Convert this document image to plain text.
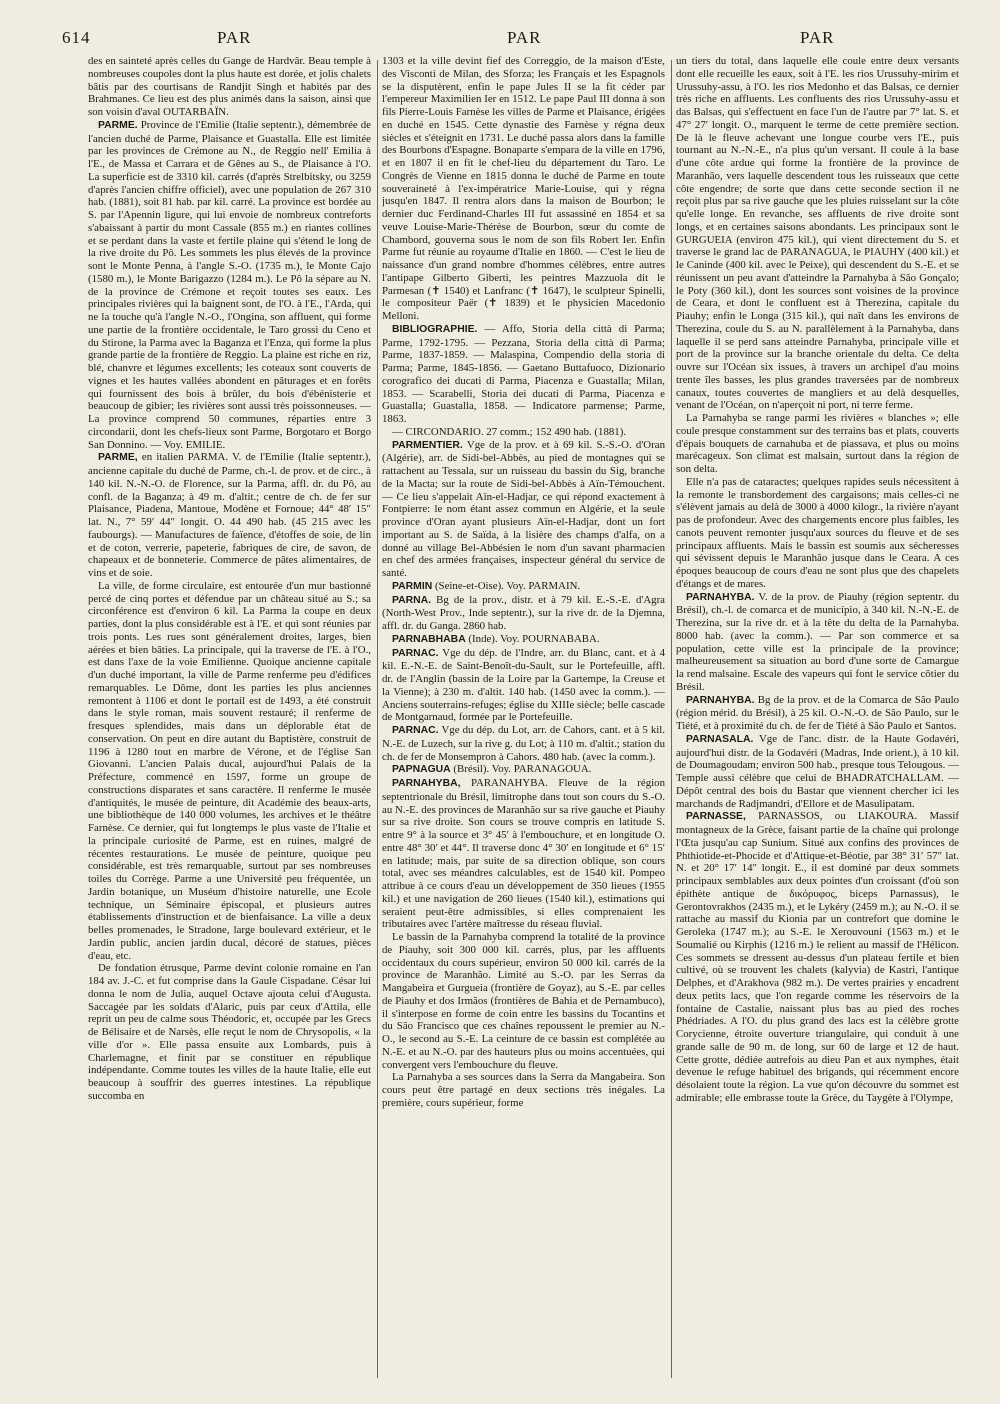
614	PAR	PAR	PAR

des en sainteté après celles du Gange de Hardvâr. Beau temple à nombreuses coupoles dont la plus haute est dorée, et jolis chalets bâtis par des courtisans de Randjit Singh et habités par des Brahmanes. Ce lieu est des plus animés dans la saison, ainsi que son voisin d'aval OUTARBAÏN.

PARME. Province de l'Emilie (Italie septentr.), démembrée de l'ancien duché de Parme, Plaisance et Guastalla. Elle est limitée par les provinces de Crémone au N., de Reggio nell' Emilia à l'E., de Massa et Carrara et de Gênes au S., de Plaisance à l'O. La superficie est de 3310 kil. carrés (d'après Strelbitsky, ou 3259 d'après l'ancien chiffre officiel), avec une population de 267 310 hab. (1881), soit 81 hab. par kil. carré. La province est bordée au S. par l'Apennin ligure, qui lui envoie de nombreux contreforts s'abaissant à partir du mont Cassale (855 m.) en riantes collines et se perdant dans la vaste et fertile plaine qui s'étend le long de la rive droite du Pô. Les sommets les plus élevés de la province sont le Monte Penna, à l'angle S.-O. (1735 m.), le Monte Cajo (1580 m.), le Monte Barigazzo (1284 m.). Le Pô la sépare au N. de la province de Crémone et reçoit toutes ses eaux. Les principales rivières qui la baignent sont, de l'O. à l'E., l'Arda, qui ne la touche qu'à l'angle N.-O., l'Ongina, son affluent, qui forme une partie de la frontière occidentale, le Taro grossi du Ceno et du Stirone, la Parma avec la Baganza et l'Enza, qui forme la plus grande partie de la frontière de Reggio. La plaine est riche en riz, blé, chanvre et légumes excellents; les coteaux sont couverts de vignes et les hautes vallées abondent en pâturages et en forêts qui fournissent des bois à brûler, du bois d'ébénisterie et beaucoup de gibier; les rivières sont aussi très poissonneuses. — La province comprend 50 communes, réparties entre 3 circondarii, dont les chefs-lieux sont Parme, Borgotaro et Borgo San Donnino. — Voy. EMILIE.

PARME, en italien PARMA. V. de l'Emilie (Italie septentr.), ancienne capitale du duché de Parme, ch.-l. de prov. et de circ., à 140 kil. N.-N.-O. de Florence, sur la Parma, affl. dr. du Pô, au confl. de la Baganza; à 49 m. d'altit.; centre de ch. de fer sur Plaisance, Piadena, Mantoue, Modène et Fornoue; 44° 48′ 15″ lat. N., 7° 59′ 44″ longit. O. 44 490 hab. (45 215 avec les faubourgs). — Manufactures de faïence, d'étoffes de soie, de lin et de coton, verrerie, papeterie, fabriques de cire, de savon, de chapeaux et de bonneterie. Commerce de pâtes alimentaires, de vins et de soie.

La ville, de forme circulaire, est entourée d'un mur bastionné percé de cinq portes et défendue par un château situé au S.; sa circonférence est d'environ 6 kil. La Parma la coupe en deux parties, dont la plus considérable est à l'E. et qui sont réunies par trois ponts. Les rues sont généralement droites, larges, bien aérées et bien bâties. La principale, qui la traverse de l'E. à l'O., est dans l'axe de la voie Emilienne. Quoique ancienne capitale d'un duché important, la ville de Parme renferme peu d'édifices remarquables. Le Dôme, dont les parties les plus anciennes remontent à 1106 et dont le portail est de 1493, a été construit dans le style roman, mais souvent restauré; il renferme de fresques splendides, mais dans un déplorable état de conservation. On peut en dire autant du Baptistère, construit de 1196 à 1280 tout en marbre de Vérone, et de l'église San Giovanni. L'ancien Palais ducal, aujourd'hui Palais de la Préfecture, commencé en 1597, forme un groupe de constructions disparates et sans caractère. Il renferme le musée d'antiquités, le musée de peinture, dit Académie des beaux-arts, une bibliothèque de 140 000 volumes, les archives et le théâtre Farnèse. Ce dernier, qui fut longtemps le plus vaste de l'Italie et la principale curiosité de Parme, est en ruines, malgré de récentes restaurations. Le musée de peinture, quoique peu considérable, est très remarquable, surtout par ses nombreuses toiles du Corrège. Parme a une Université peu fréquentée, un Jardin botanique, un Muséum d'histoire naturelle, une Ecole technique, un Séminaire épiscopal, et plusieurs autres établissements d'instruction et de bienfaisance. La ville a deux belles promenades, le Stradone, large boulevard extérieur, et le Jardin public, ancien jardin ducal, décoré de statues, pièces d'eau, etc.

De fondation étrusque, Parme devint colonie romaine en l'an 184 av. J.-C. et fut comprise dans la Gaule Cispadane. César lui donna le nom de Julia, auquel Octave ajouta celui d'Augusta. Saccagée par les soldats d'Alaric, puis par ceux d'Attila, elle reprit un peu de calme sous Théodoric, et, occupée par les Grecs de Bélisaire et de Narsès, elle reçut le nom de Chrysopolis, « la ville d'or ». Elle passa ensuite aux Lombards, puis à Charlemagne, et finit par se constituer en république indépendante. Comme toutes les villes de la haute Italie, elle eut beaucoup à souffrir des guerres intestines. La république succomba en

1303 et la ville devint fief des Correggio, de la maison d'Este, des Visconti de Milan, des Sforza; les Français et les Espagnols se la disputèrent, enfin le pape Jules II se la fit céder par l'empereur Maximilien Ier en 1512. Le pape Paul III donna à son fils Pierre-Louis Farnèse les villes de Parme et Plaisance, érigées en duché en 1545. Cette dynastie des Farnèse y régna deux siècles et s'éteignit en 1731. Le duché passa alors dans la famille des Bourbons d'Espagne. Bonaparte s'empara de la ville en 1796, et en 1807 il en fit le chef-lieu du département du Taro. Le Congrès de Vienne en 1815 donna le duché de Parme en toute souveraineté à l'ex-impératrice Marie-Louise, qui y régna jusqu'en 1847. Il rentra alors dans la maison de Bourbon; le dernier duc Ferdinand-Charles III fut assassiné en 1854 et sa veuve Louise-Marie-Thérèse de Bourbon, sœur du comte de Chambord, gouverna sous le nom de son fils Robert Ier. Enfin Parme fut réunie au royaume d'Italie en 1860. — C'est le lieu de naissance d'un grand nombre d'hommes célèbres, entre autres l'antipape Gilberto Giberti, les peintres Mazzuola dit le Parmesan (✝ 1540) et Lanfranc (✝ 1647), le sculpteur Spinelli, le compositeur Paër (✝ 1839) et le physicien Macedonio Melloni.

BIBLIOGRAPHIE. — Affo, Storia della città di Parma; Parme, 1792-1795. — Pezzana, Storia della città di Parma; Parme, 1837-1859. — Malaspina, Compendio della storia di Parma; Parme, 1845-1856. — Gaetano Buttafuoco, Dizionario corografico dei ducati di Parma, Piacenza e Guastalla; Milan, 1853. — Scarabelli, Storia dei ducati di Parma, Piacenza e Guastalla; Guastalla, 1858. — Indicatore parmense; Parme, 1863.

— CIRCONDARIO. 27 comm.; 152 490 hab. (1881).

PARMENTIER. Vge de la prov. et à 69 kil. S.-S.-O. d'Oran (Algérie), arr. de Sidi-bel-Abbès, au pied de montagnes qui se rattachent au Tessala, sur un ruisseau du bassin du Sig, branche de la Macta; sur la route de Sidi-bel-Abbès à Aïn-Témouchent. — Ce lieu s'appelait Aïn-el-Hadjar, ce qui répond exactement à Fontpierre: le nom étant assez commun en Algérie, et la seule province d'Oran ayant plusieurs Aïn-el-Hadjar, dont un fort important au S. de Saïda, à la lisière des champs d'alfa, on a donné au village Bel-Abbésien le nom d'un savant pharmacien en chef des armées françaises, inspecteur général du service de santé.

PARMIN (Seine-et-Oise). Voy. PARMAIN.

PARNA. Bg de la prov., distr. et à 79 kil. E.-S.-E. d'Agra (North-West Prov., Inde septentr.), sur la rive dr. de la Djemna, affl. dr. du Ganga. 2860 hab.

PARNABHABA (Inde). Voy. POURNABABA.

PARNAC. Vge du dép. de l'Indre, arr. du Blanc, cant. et à 4 kil. E.-N.-E. de Saint-Benoît-du-Sault, sur le Portefeuille, affl. dr. de l'Anglin (bassin de la Loire par la Gartempe, la Creuse et la Vienne); à 230 m. d'altit. 140 hab. (1450 avec la comm.). — Anciens souterrains-refuges; église du XIIIe siècle; belle cascade de Montgarnaud, formée par le Portefeuille.

PARNAC. Vge du dép. du Lot, arr. de Cahors, cant. et à 5 kil. N.-E. de Luzech, sur la rive g. du Lot; à 110 m. d'altit.; station du ch. de fer de Monsempron à Cahors. 480 hab. (avec la comm.).

PAPNAGUA (Brésil). Voy. PARANAGOUA.

PARNAHYBA, PARANAHYBA. Fleuve de la région septentrionale du Brésil, limitrophe dans tout son cours du S.-O. au N.-E. des provinces de Maranhão sur sa rive gauche et Piauhy sur sa rive droite. Son cours se trouve compris en latitude S. entre 9° à la source et 3° 45′ à l'embouchure, et en longitude O. entre 48° 30′ et 44°. Il traverse donc 4° 30′ en longitude et 6° 15′ en latitude; mais, par suite de sa direction oblique, son cours total, avec ses méandres calculables, est de 1540 kil. Pompeo attribue à ce cours d'eau un développement de 350 lieues (1955 kil.) et une navigation de 260 lieues (1540 kil.), estimations qui seraient peut-être admissibles, si elles comprenaient les tributaires avec l'artère maîtresse du réseau fluvial.

Le bassin de la Parnahyba comprend la totalité de la province de Piauhy, soit 300 000 kil. carrés, plus, par les affluents occidentaux du cours supérieur, environ 50 000 kil. carrés de la province de Maranhão. Limité au S.-O. par les Serras da Mangabeira et Gurgueia (frontière de Goyaz), au S.-E. par celles de Piauhy et dos Irmãos (frontières de Bahia et de Pernambuco), il s'interpose en forme de coin entre les bassins du Tocantins et du São Francisco que ces chaînes repoussent le premier au N.-O., le second au S.-E. La ceinture de ce bassin est complétée au N.-E. et au N.-O. par des hauteurs plus ou moins accentuées, qui convergent vers l'embouchure du fleuve.

La Parnahyba a ses sources dans la Serra da Mangabeira. Son cours peut être partagé en deux sections très inégales. La première, cours supérieur, forme

un tiers du total, dans laquelle elle coule entre deux versants dont elle recueille les eaux, soit à l'E. les rios Urussuhy-mirim et Urussuhy-assu, à l'O. les rios Medonho et das Balsas, ce dernier très riche en affluents. Les confluents des rios Urussuhy-assu et das Balsas, qui s'effectuent en face l'un de l'autre par 7° lat. S. et 47° 27′ longit. O., marquent le terme de cette première section. De là le fleuve achevant une longue courbe vers l'E., puis tournant au N.-N.-E., n'a plus qu'un versant. Il coule à la base d'une côte ardue qui forme la frontière de la province de Maranhão, vers laquelle descendent tous les ruisseaux que cette côte engendre; de sorte que dans cette seconde section il ne reçoit plus par sa rive gauche que les pluies ruisselant sur la côte qu'elle longe. En revanche, ses affluents de rive droite sont longs, et en certaines saisons abondants. Les principaux sont le GURGUEIA (environ 475 kil.), qui vient directement du S. et traverse le grand lac de PARANAGUA, le PIAUHY (400 kil.) et le Caninde (400 kil. avec le Peixe), qui descendent du S.-E. et se réunissent un peu avant d'atteindre la Parnahyba à São Gonçalo; le Poty (360 kil.), dont les sources sont voisines de la province de Ceara, et dont le confluent est à Therezina, capitale du Piauhy; enfin le Longa (315 kil.), qui naît dans les environs de Therezina, coule du S. au N. parallèlement à la Parnahyba, dans laquelle il se perd sans atteindre Parnahyba, principale ville et port de la province sur la branche orientale du delta. Ce delta ouvre sur l'Océan six issues, à travers un archipel d'au moins trente îles basses, les plus grandes traversées par de nombreux canaux, toutes couvertes de mangliers et au delà desquelles, venant de l'Océan, on n'aperçoit ni port, ni terre ferme.

La Parnahyba se range parmi les rivières « blanches »; elle coule presque constamment sur des terrains bas et plats, couverts d'épais bouquets de carnahuba et de piassava, et plus ou moins marécageux. Son climat est malsain, surtout dans la région de son delta.

Elle n'a pas de cataractes; quelques rapides seuls nécessitent à la remonte le transbordement des cargaisons; mais celles-ci ne s'élèvent jamais au delà de 3000 à 4000 kilogr., la rivière n'ayant pas de profondeur. Avec des chargements encore plus faibles, les canots peuvent remonter jusqu'aux sources du fleuve et de ses principaux affluents. Mais le bassin est soumis aux sécheresses qui sévissent depuis le Maranhão jusque dans le Ceara. A ces époques beaucoup de cours d'eau ne sont plus que des chapelets d'étangs et de mares.

PARNAHYBA. V. de la prov. de Piauhy (région septentr. du Brésil), ch.-l. de comarca et de município, à 340 kil. N.-N.-E. de Therezina, sur la rive dr. et à la tête du delta de la Parnahyba. 8000 hab. (avec la comm.). — Par son commerce et sa population, cette ville est la principale de la province; malheureusement sa situation au bord d'une sorte de Camargue la rend malsaine. Escale des vapeurs qui font le service côtier du Brésil.

PARNAHYBA. Bg de la prov. et de la Comarca de São Paulo (région mérid. du Brésil), à 25 kil. O.-N.-O. de São Paulo, sur le Tiété, et à proximité du ch. de fer de Tiété à São Paulo et Santos.

PARNASALA. Vge de l'anc. distr. de la Haute Godavéri, aujourd'hui distr. de la Godavéri (Madras, Inde orient.), à 10 kil. de Doumagoudam; environ 500 hab., presque tous Telougous. — Temple aussi célèbre que celui de BHADRATCHALLAM. — Dépôt central des bois du Bastar que viennent chercher ici les marchands de Radjmandri, d'Ellore et de Masulipatam.

PARNASSE, PARNASSOS, ou LIAKOURA. Massif montagneux de la Grèce, faisant partie de la chaîne qui prolonge l'Œta jusqu'au cap Sunium. Situé aux confins des provinces de Phthiotide-et-Phocide et d'Attique-et-Béotie, par 38° 31′ 57″ lat. N. et 20° 17′ 14″ longit. E., il est dominé par deux sommets principaux semblables aux deux pointes d'un croissant (d'où son épithète antique de δικόρυφος, biceps Parnassus), le Gerontovrakhos (2435 m.), et le Lykéry (2459 m.); au N.-O. il se rattache au massif du Kionia par un contrefort que domine le Geroleka (1747 m.); au S.-E. le Xerouvouni (1563 m.) et le Soumalié ou Kirphis (1216 m.) le relient au massif de l'Hélicon. Ces sommets se dressent au-dessus d'un plateau fertile et bien cultivé, où se trouvent les chalets (kalyvia) de Kastri, l'antique Delphes, et d'Arakhova (982 m.). De vertes prairies y encadrent deux petits lacs, que l'on regarde comme les réservoirs de la fontaine de Castalie, naissant plus bas au pied des roches Phédriades. A l'O. du plus grand des lacs est la célèbre grotte Corycienne, étroite ouverture triangulaire, qui conduit à une grande salle de 90 m. de long, sur 60 de large et 12 de haut. Cette grotte, dédiée autrefois au dieu Pan et aux nymphes, était devenue le refuge habituel des brigands, qui récemment encore désolaient toute la région. La vue qu'on découvre du sommet est admirable; elle embrasse toute la Grèce, du Taygète à l'Olympe,
